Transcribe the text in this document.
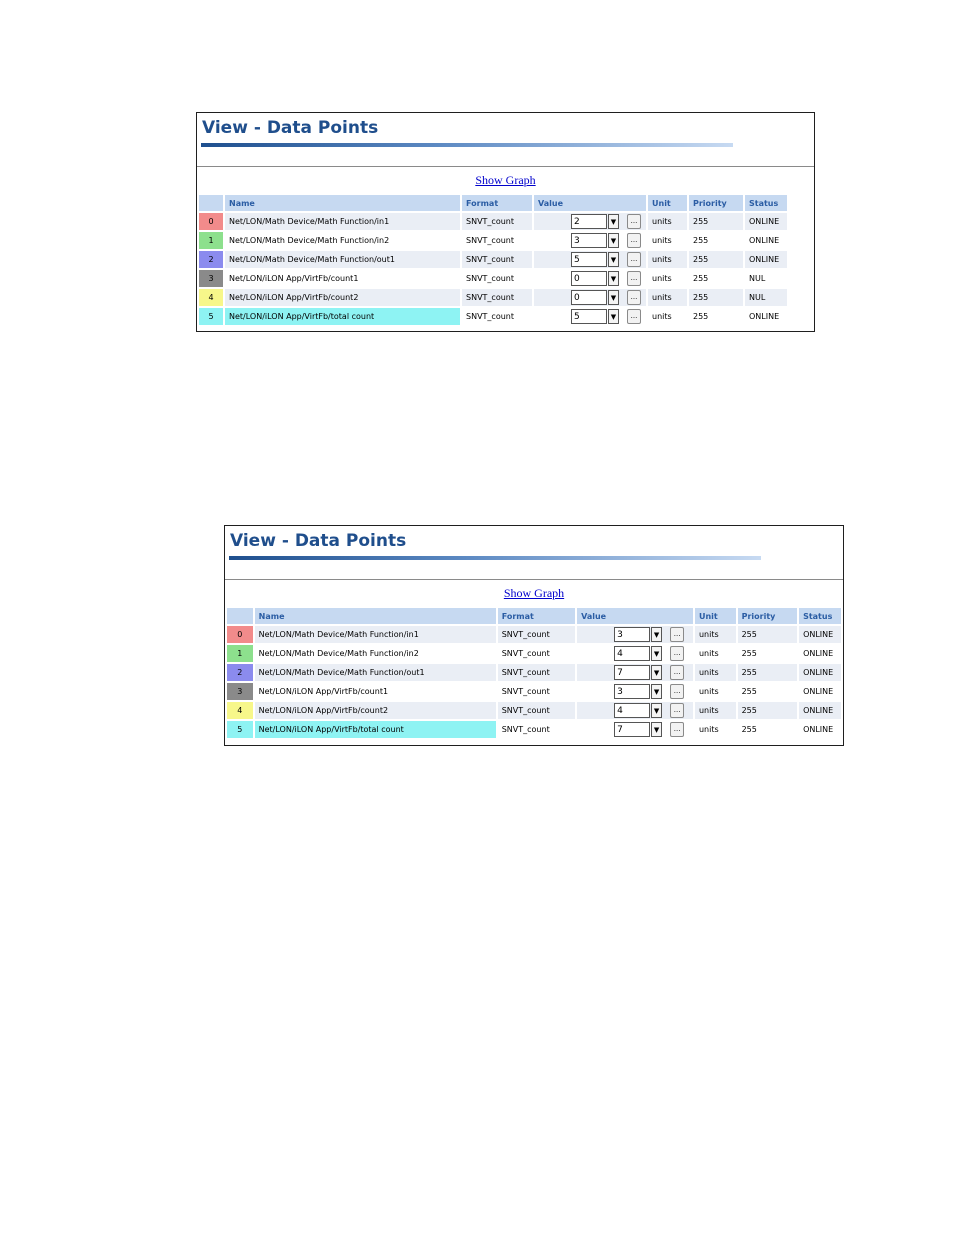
View - Data Points
Show Graph
	Name	Format	Value	Unit	Priority	Status
0	Net/LON/Math Device/Math Function/in1	SNVT_count	2 ▼ ...	units	255	ONLINE
1	Net/LON/Math Device/Math Function/in2	SNVT_count	3 ▼ ...	units	255	ONLINE
2	Net/LON/Math Device/Math Function/out1	SNVT_count	5 ▼ ...	units	255	ONLINE
3	Net/LON/iLON App/VirtFb/count1	SNVT_count	0 ▼ ...	units	255	NUL
4	Net/LON/iLON App/VirtFb/count2	SNVT_count	0 ▼ ...	units	255	NUL
5	Net/LON/iLON App/VirtFb/total count	SNVT_count	5 ▼ ...	units	255	ONLINE
View - Data Points
Show Graph
	Name	Format	Value	Unit	Priority	Status
0	Net/LON/Math Device/Math Function/in1	SNVT_count	3 ▼ ...	units	255	ONLINE
1	Net/LON/Math Device/Math Function/in2	SNVT_count	4 ▼ ...	units	255	ONLINE
2	Net/LON/Math Device/Math Function/out1	SNVT_count	7 ▼ ...	units	255	ONLINE
3	Net/LON/iLON App/VirtFb/count1	SNVT_count	3 ▼ ...	units	255	ONLINE
4	Net/LON/iLON App/VirtFb/count2	SNVT_count	4 ▼ ...	units	255	ONLINE
5	Net/LON/iLON App/VirtFb/total count	SNVT_count	7 ▼ ...	units	255	ONLINE
